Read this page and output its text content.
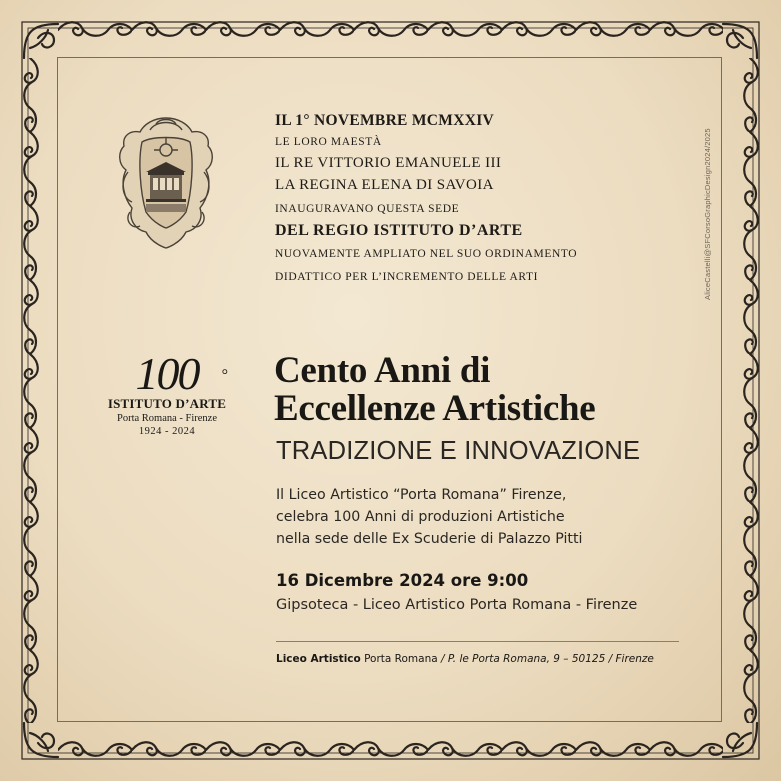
AliceCastelli@SFCorsoGraphicDesign2024/2025
IL 1° NOVEMBRE MCMXXIV
LE LORO MAESTÀ
IL RE VITTORIO EMANUELE III
LA REGINA ELENA DI SAVOIA
INAUGURAVANO QUESTA SEDE
DEL REGIO ISTITUTO D’ARTE
NUOVAMENTE AMPLIATO NEL SUO ORDINAMENTO
DIDATTICO PER L’INCREMENTO DELLE ARTI
100 °
ISTITUTO D’ARTE
Porta Romana - Firenze
1924 - 2024
Cento Anni di
Eccellenze Artistiche
TRADIZIONE E INNOVAZIONE
Il Liceo Artistico “Porta Romana” Firenze,
celebra 100 Anni di produzioni Artistiche
nella sede delle Ex Scuderie di Palazzo Pitti
16 Dicembre 2024 ore 9:00
Gipsoteca - Liceo Artistico Porta Romana - Firenze
Liceo Artistico Porta Romana / P. le Porta Romana, 9 – 50125 / Firenze
